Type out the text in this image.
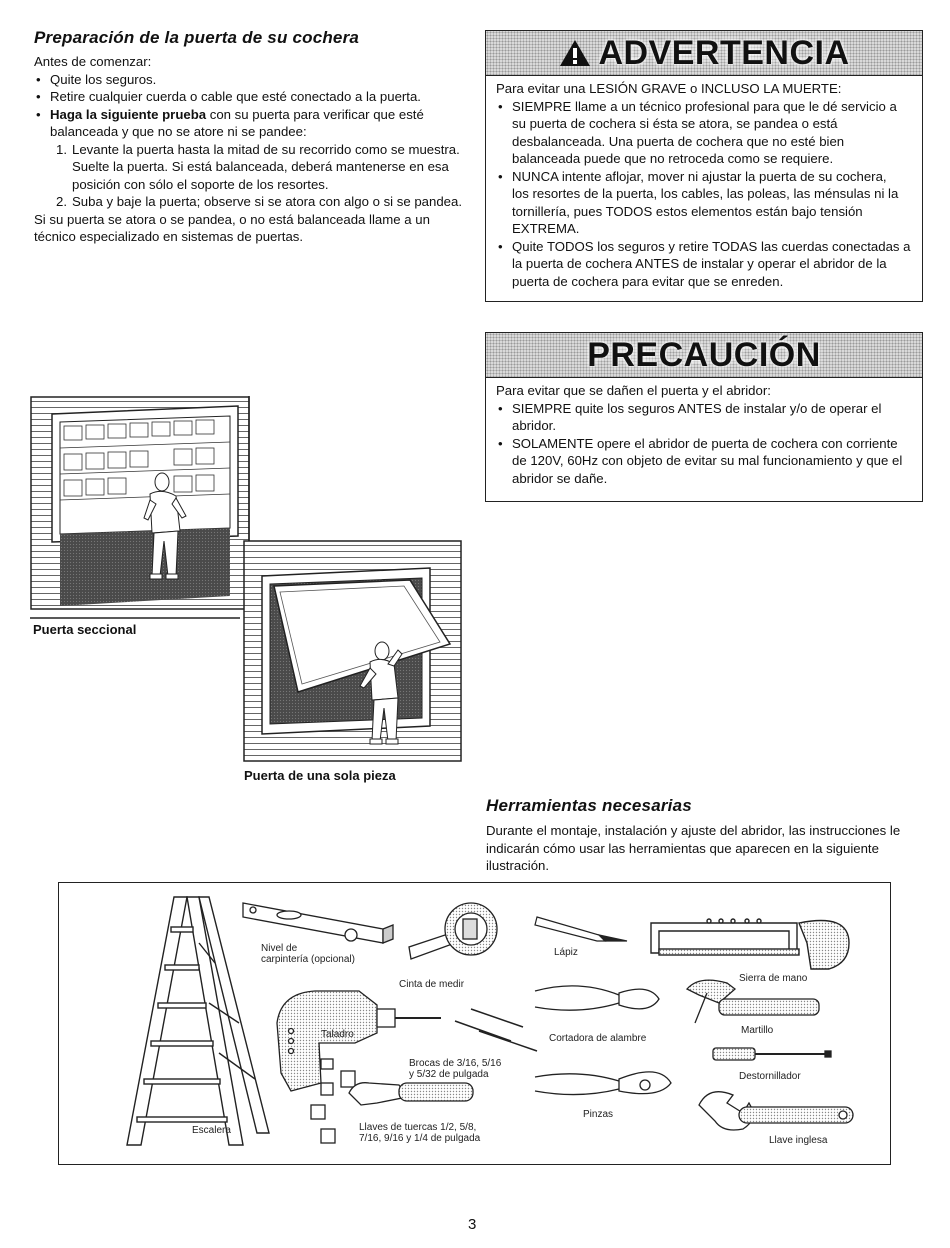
Preparación de la puerta de su cochera
Antes de comenzar:
• Quite los seguros.
• Retire cualquier cuerda o cable que esté conectado a la puerta.
• Haga la siguiente prueba con su puerta para verificar que esté
balanceada y que no se atore ni se pandee:
1. Levante la puerta hasta la mitad de su recorrido como se muestra.
Suelte la puerta. Si está balanceada, deberá mantenerse en esa
posición con sólo el soporte de los resortes.
2. Suba y baje la puerta; observe si se atora con algo o si se pandea.
Si su puerta se atora o se pandea, o no está balanceada llame a un
técnico especializado en sistemas de puertas.
ADVERTENCIA
Para evitar una LESIÓN GRAVE o INCLUSO LA MUERTE:
• SIEMPRE llame a un técnico profesional para que le dé servicio a
su puerta de cochera si ésta se atora, se pandea o está
desbalanceada. Una puerta de cochera que no esté bien
balanceada puede que no retroceda como se requiere.
• NUNCA intente aflojar, mover ni ajustar la puerta de su cochera,
los resortes de la puerta, los cables, las poleas, las ménsulas ni la
tornillería, pues TODOS estos elementos están bajo tensión
EXTREMA.
• Quite TODOS los seguros y retire TODAS las cuerdas conectadas a
la puerta de cochera ANTES de instalar y operar el abridor de la
puerta de cochera para evitar que se enreden.
PRECAUCIÓN
Para evitar que se dañen el puerta y el abridor:
• SIEMPRE quite los seguros ANTES de instalar y/o de operar el
abridor.
• SOLAMENTE opere el abridor de puerta de cochera con corriente
de 120V, 60Hz con objeto de evitar su mal funcionamiento y que el
abridor se dañe.
Puerta seccional
Puerta de una sola pieza
Herramientas necesarias
Durante el montaje, instalación y ajuste del abridor, las instrucciones le
indicarán cómo usar las herramientas que aparecen en la siguiente
ilustración.
Nivel de
carpintería (opcional)
Cinta de medir
Lápiz
Sierra de mano
Taladro
Brocas de 3/16, 5/16
y 5/32 de pulgada
Cortadora de alambre
Martillo
Destornillador
Escalera	Llaves de tuercas 1/2, 5/8,
7/16, 9/16 y 1/4 de pulgada
Pinzas
Llave inglesa
3
